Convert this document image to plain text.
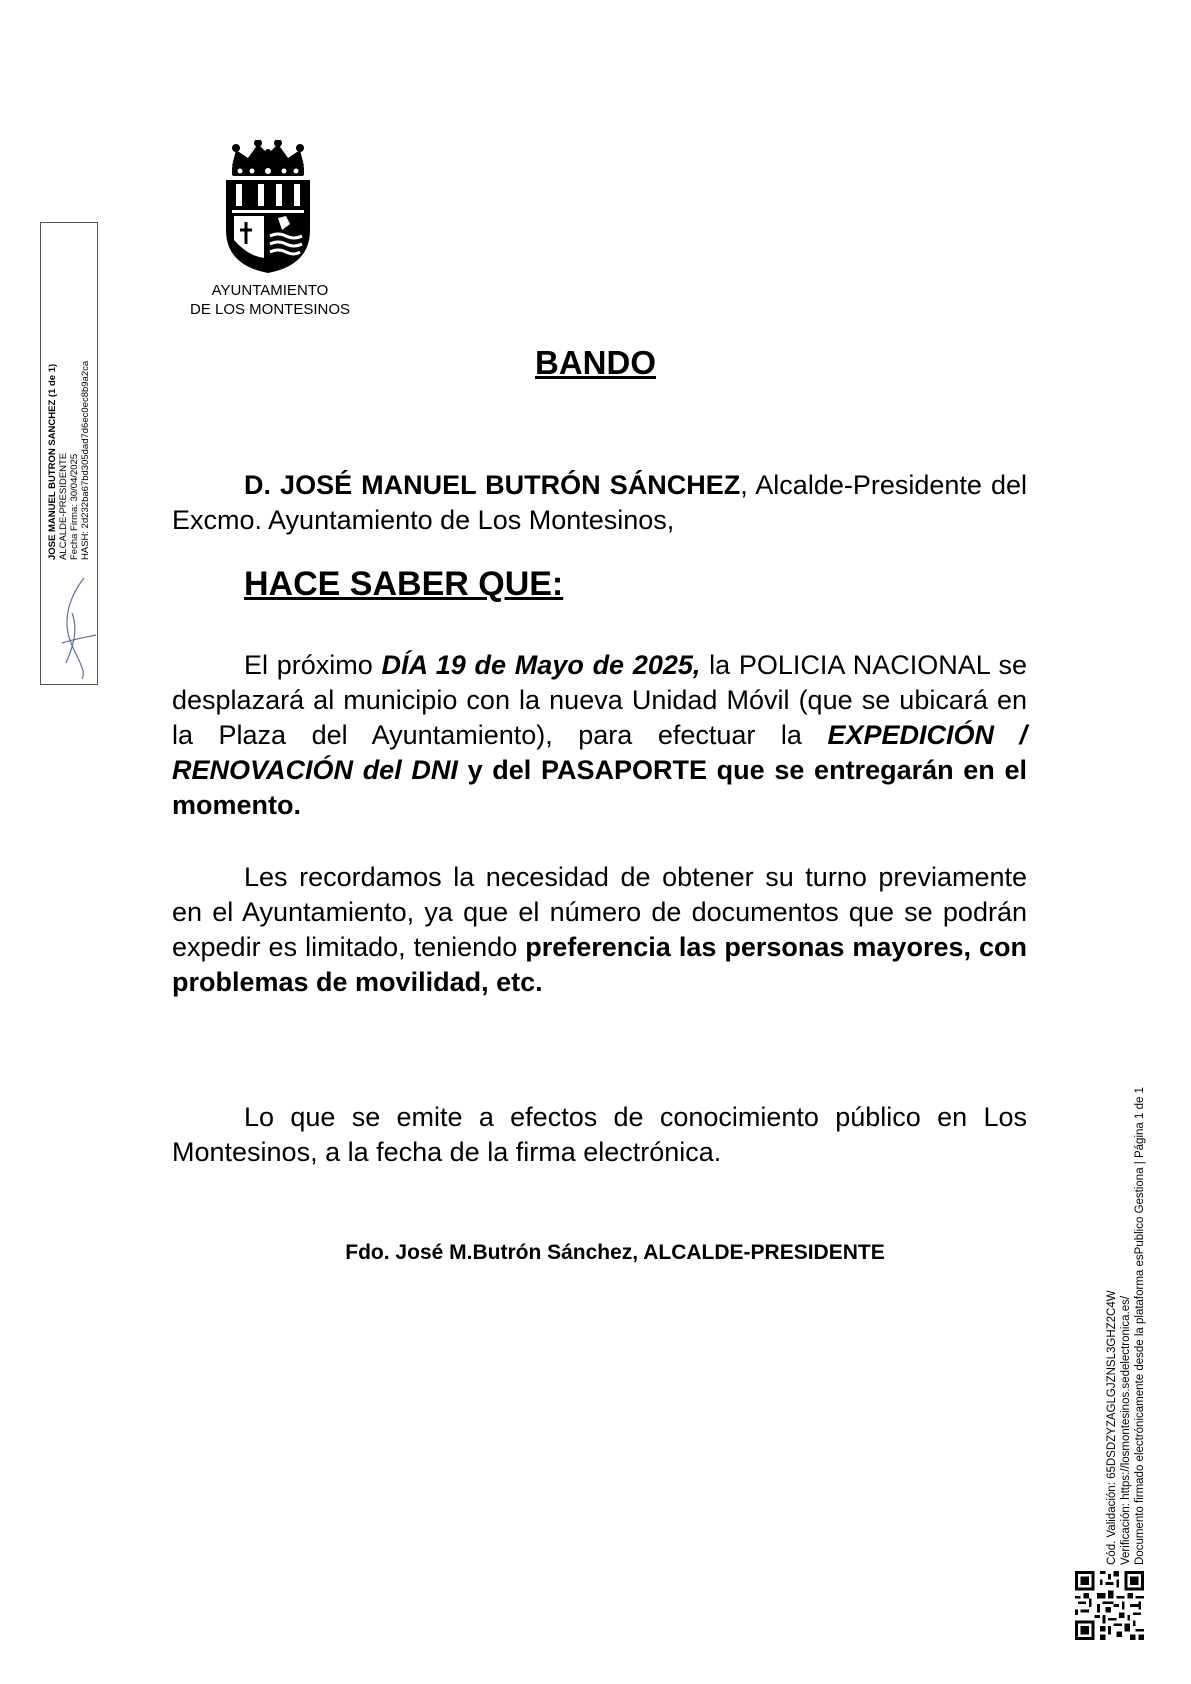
AYUNTAMIENTO
DE LOS MONTESINOS
BANDO
D. JOSÉ MANUEL BUTRÓN SÁNCHEZ, Alcalde-Presidente del Excmo. Ayuntamiento de Los Montesinos,
HACE SABER QUE:
El próximo DÍA 19 de Mayo de 2025, la POLICIA NACIONAL se desplazará al municipio con la nueva Unidad Móvil (que se ubicará en la Plaza del Ayuntamiento), para efectuar la EXPEDICIÓN / RENOVACIÓN del DNI y del PASAPORTE que se entregarán en el momento.
Les recordamos la necesidad de obtener su turno previamente en el Ayuntamiento, ya que el número de documentos que se podrán expedir es limitado, teniendo preferencia las personas mayores, con problemas de movilidad, etc.
Lo que se emite a efectos de conocimiento público en Los Montesinos, a la fecha de la firma electrónica.
Fdo. José M.Butrón Sánchez, ALCALDE-PRESIDENTE
JOSE MANUEL BUTRON SANCHEZ (1 de 1) ALCALDE-PRESIDENTE Fecha Firma: 30/04/2025 HASH: 2d232ba67bd305dad7d6ec0ec8b9a2ca
Cód. Validación: 65DSDZYZAGLGJZNSL3GHZ2C4W Verificación: https://losmontesinos.sedelectronica.es/ Documento firmado electrónicamente desde la plataforma esPublico Gestiona | Página 1 de 1
